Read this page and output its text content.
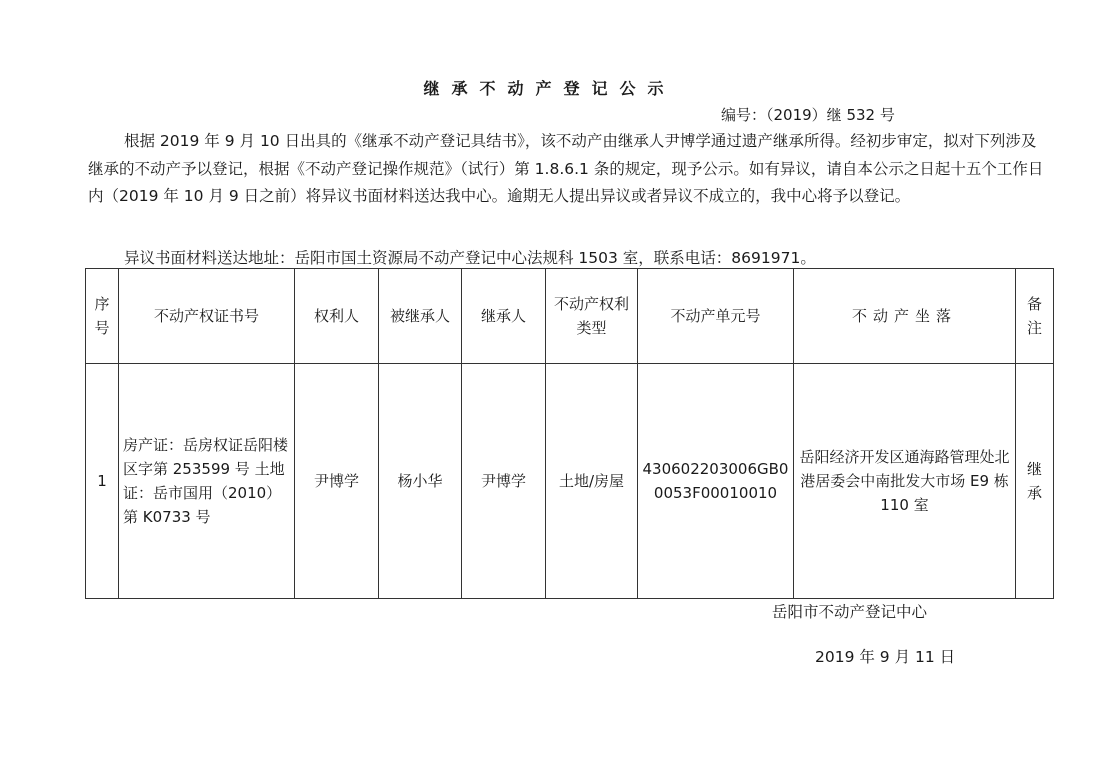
继承不动产登记公示
编号：（2019）继 532 号
根据 2019 年 9 月 10 日出具的《继承不动产登记具结书》，该不动产由继承人尹博学通过遗产继承所得。经初步审定，拟对下列涉及继承的不动产予以登记，根据《不动产登记操作规范》（试行）第 1.8.6.1 条的规定，现予公示。如有异议，请自本公示之日起十五个工作日内（2019 年 10 月 9 日之前）将异议书面材料送达我中心。逾期无人提出异议或者异议不成立的，我中心将予以登记。
异议书面材料送达地址：岳阳市国土资源局不动产登记中心法规科 1503 室，联系电话：8691971。
序号	不动产权证书号	权利人	被继承人	继承人	不动产权利类型	不动产单元号	不动产坐落	备注
1	房产证：岳房权证岳阳楼区字第 253599 号 土地证：岳市国用（2010）第 K0733 号	尹博学	杨小华	尹博学	土地/房屋	430602203006GB00053F00010010	岳阳经济开发区通海路管理处北港居委会中南批发大市场 E9 栋 110 室	继承
岳阳市不动产登记中心
2019 年 9 月 11 日
